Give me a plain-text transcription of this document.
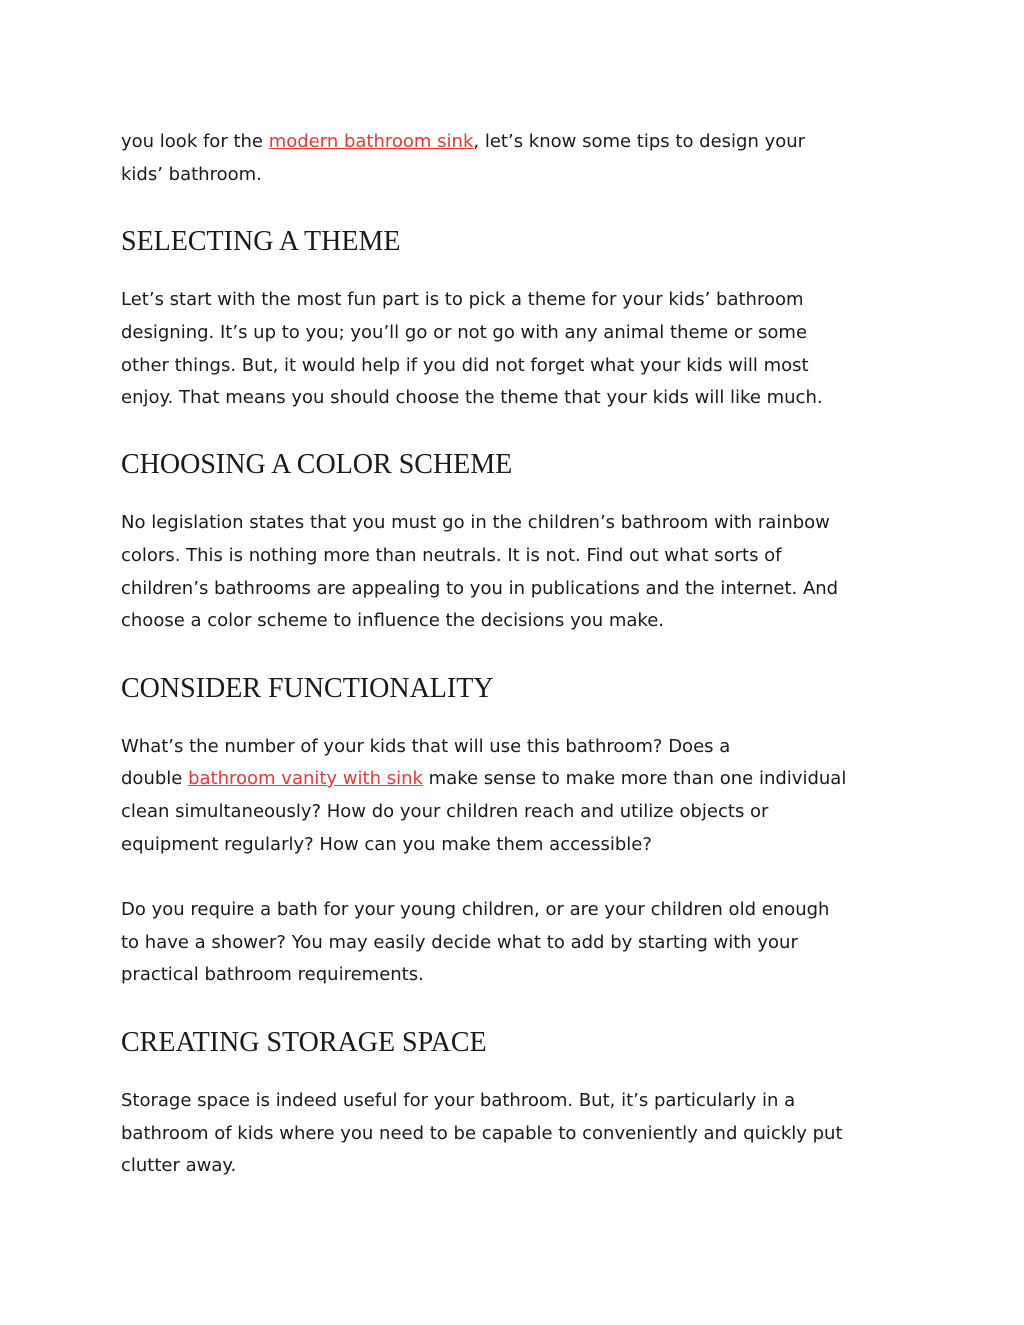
you look for the modern bathroom sink, let’s know some tips to design your

kids’ bathroom.

SELECTING A THEME

Let’s start with the most fun part is to pick a theme for your kids’ bathroom

designing. It’s up to you; you’ll go or not go with any animal theme or some

other things. But, it would help if you did not forget what your kids will most

enjoy. That means you should choose the theme that your kids will like much.

CHOOSING A COLOR SCHEME

No legislation states that you must go in the children’s bathroom with rainbow

colors. This is nothing more than neutrals. It is not. Find out what sorts of

children’s bathrooms are appealing to you in publications and the internet. And

choose a color scheme to influence the decisions you make.

CONSIDER FUNCTIONALITY

What’s the number of your kids that will use this bathroom? Does a

double bathroom vanity with sink make sense to make more than one individual

clean simultaneously? How do your children reach and utilize objects or

equipment regularly? How can you make them accessible?

Do you require a bath for your young children, or are your children old enough

to have a shower? You may easily decide what to add by starting with your

practical bathroom requirements.

CREATING STORAGE SPACE

Storage space is indeed useful for your bathroom. But, it’s particularly in a

bathroom of kids where you need to be capable to conveniently and quickly put

clutter away.
